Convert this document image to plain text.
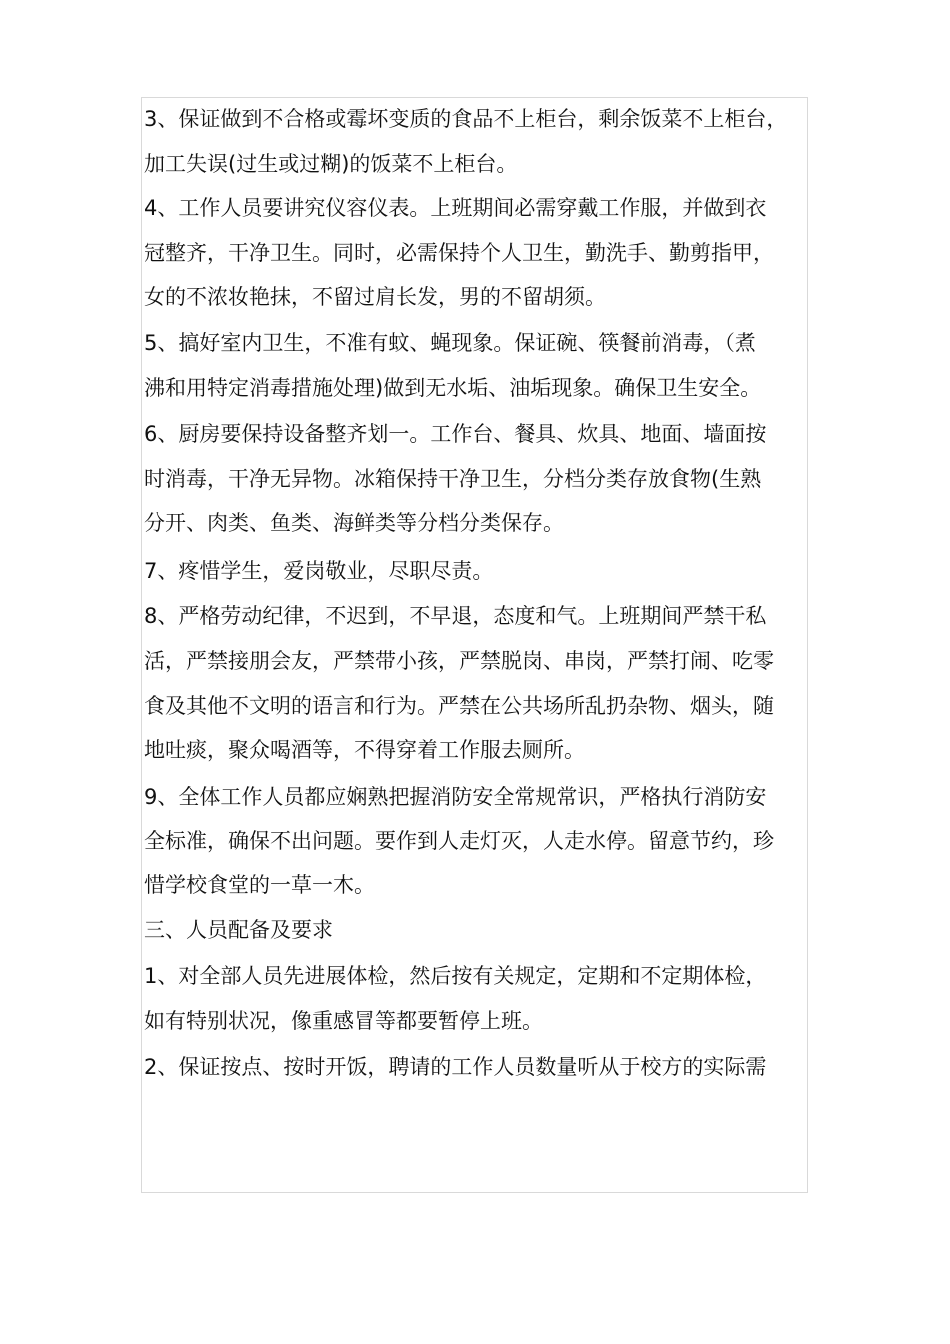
3、保证做到不合格或霉坏变质的食品不上柜台，剩余饭菜不上柜台，
加工失误(过生或过糊)的饭菜不上柜台。
4、工作人员要讲究仪容仪表。上班期间必需穿戴工作服，并做到衣
冠整齐，干净卫生。同时，必需保持个人卫生，勤洗手、勤剪指甲，
女的不浓妆艳抹，不留过肩长发，男的不留胡须。
5、搞好室内卫生，不准有蚊、蝇现象。保证碗、筷餐前消毒，（煮
沸和用特定消毒措施处理)做到无水垢、油垢现象。确保卫生安全。
6、厨房要保持设备整齐划一。工作台、餐具、炊具、地面、墙面按
时消毒，干净无异物。冰箱保持干净卫生，分档分类存放食物(生熟
分开、肉类、鱼类、海鲜类等分档分类保存。
7、疼惜学生，爱岗敬业，尽职尽责。
8、严格劳动纪律，不迟到，不早退，态度和气。上班期间严禁干私
活，严禁接朋会友，严禁带小孩，严禁脱岗、串岗，严禁打闹、吃零
食及其他不文明的语言和行为。严禁在公共场所乱扔杂物、烟头，随
地吐痰，聚众喝酒等，不得穿着工作服去厕所。
9、全体工作人员都应娴熟把握消防安全常规常识，严格执行消防安
全标准，确保不出问题。要作到人走灯灭，人走水停。留意节约，珍
惜学校食堂的一草一木。
三、人员配备及要求
1、对全部人员先进展体检，然后按有关规定，定期和不定期体检，
如有特别状况，像重感冒等都要暂停上班。
2、保证按点、按时开饭，聘请的工作人员数量听从于校方的实际需
